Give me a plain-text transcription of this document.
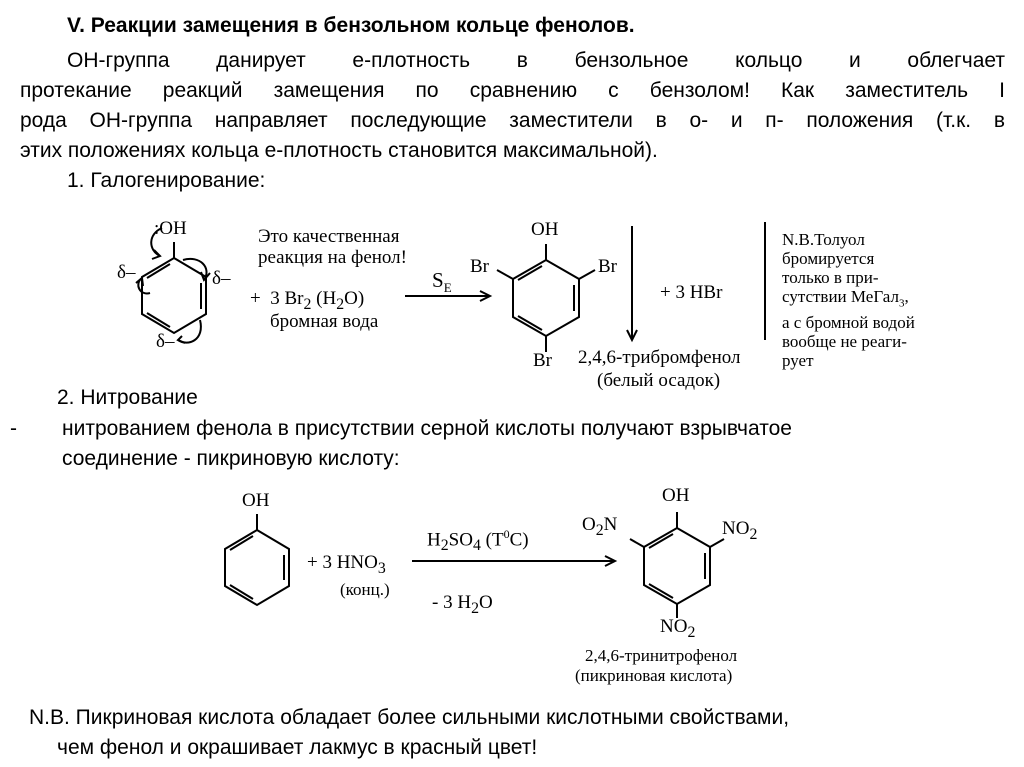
V. Реакции замещения в бензольном кольце фенолов.
ОН-группа данирует е-плотность в бензольное кольцо и облегчает
протекание реакций замещения по сравнению с бензолом! Как заместитель I
рода ОН-группа направляет последующие заместители в о- и п- положения (т.к. в
этих положениях кольца е-плотность становится максимальной).
1. Галогенирование:
:OH
δ–	δ–
δ–
Это качественная
реакция на фенол!
+ 3 $Br_2$ $(H_2O)$
бромная вода
$S_E$
OH
Br	Br
Br
+ 3 HBr
2,4,6-трибромфенол
(белый осадок)
N.B.Толуол
бромируется
только в при-
сутствии МеГал$_3$,
а с бромной водой
вообще не реаги-
рует
2. Нитрование
- нитрованием фенола в присутствии серной кислоты получают взрывчатое
соединение - пикриновую кислоту:
OH
+ 3 $HNO_3$
(конц.)
$H_2SO_4$ $(T^0C)$
- 3 $H_2O$
OH
$O_2N$	$NO_2$
$NO_2$
2,4,6-тринитрофенол
(пикриновая кислота)
N.B. Пикриновая кислота обладает более сильными кислотными свойствами,
чем фенол и окрашивает лакмус в красный цвет!
